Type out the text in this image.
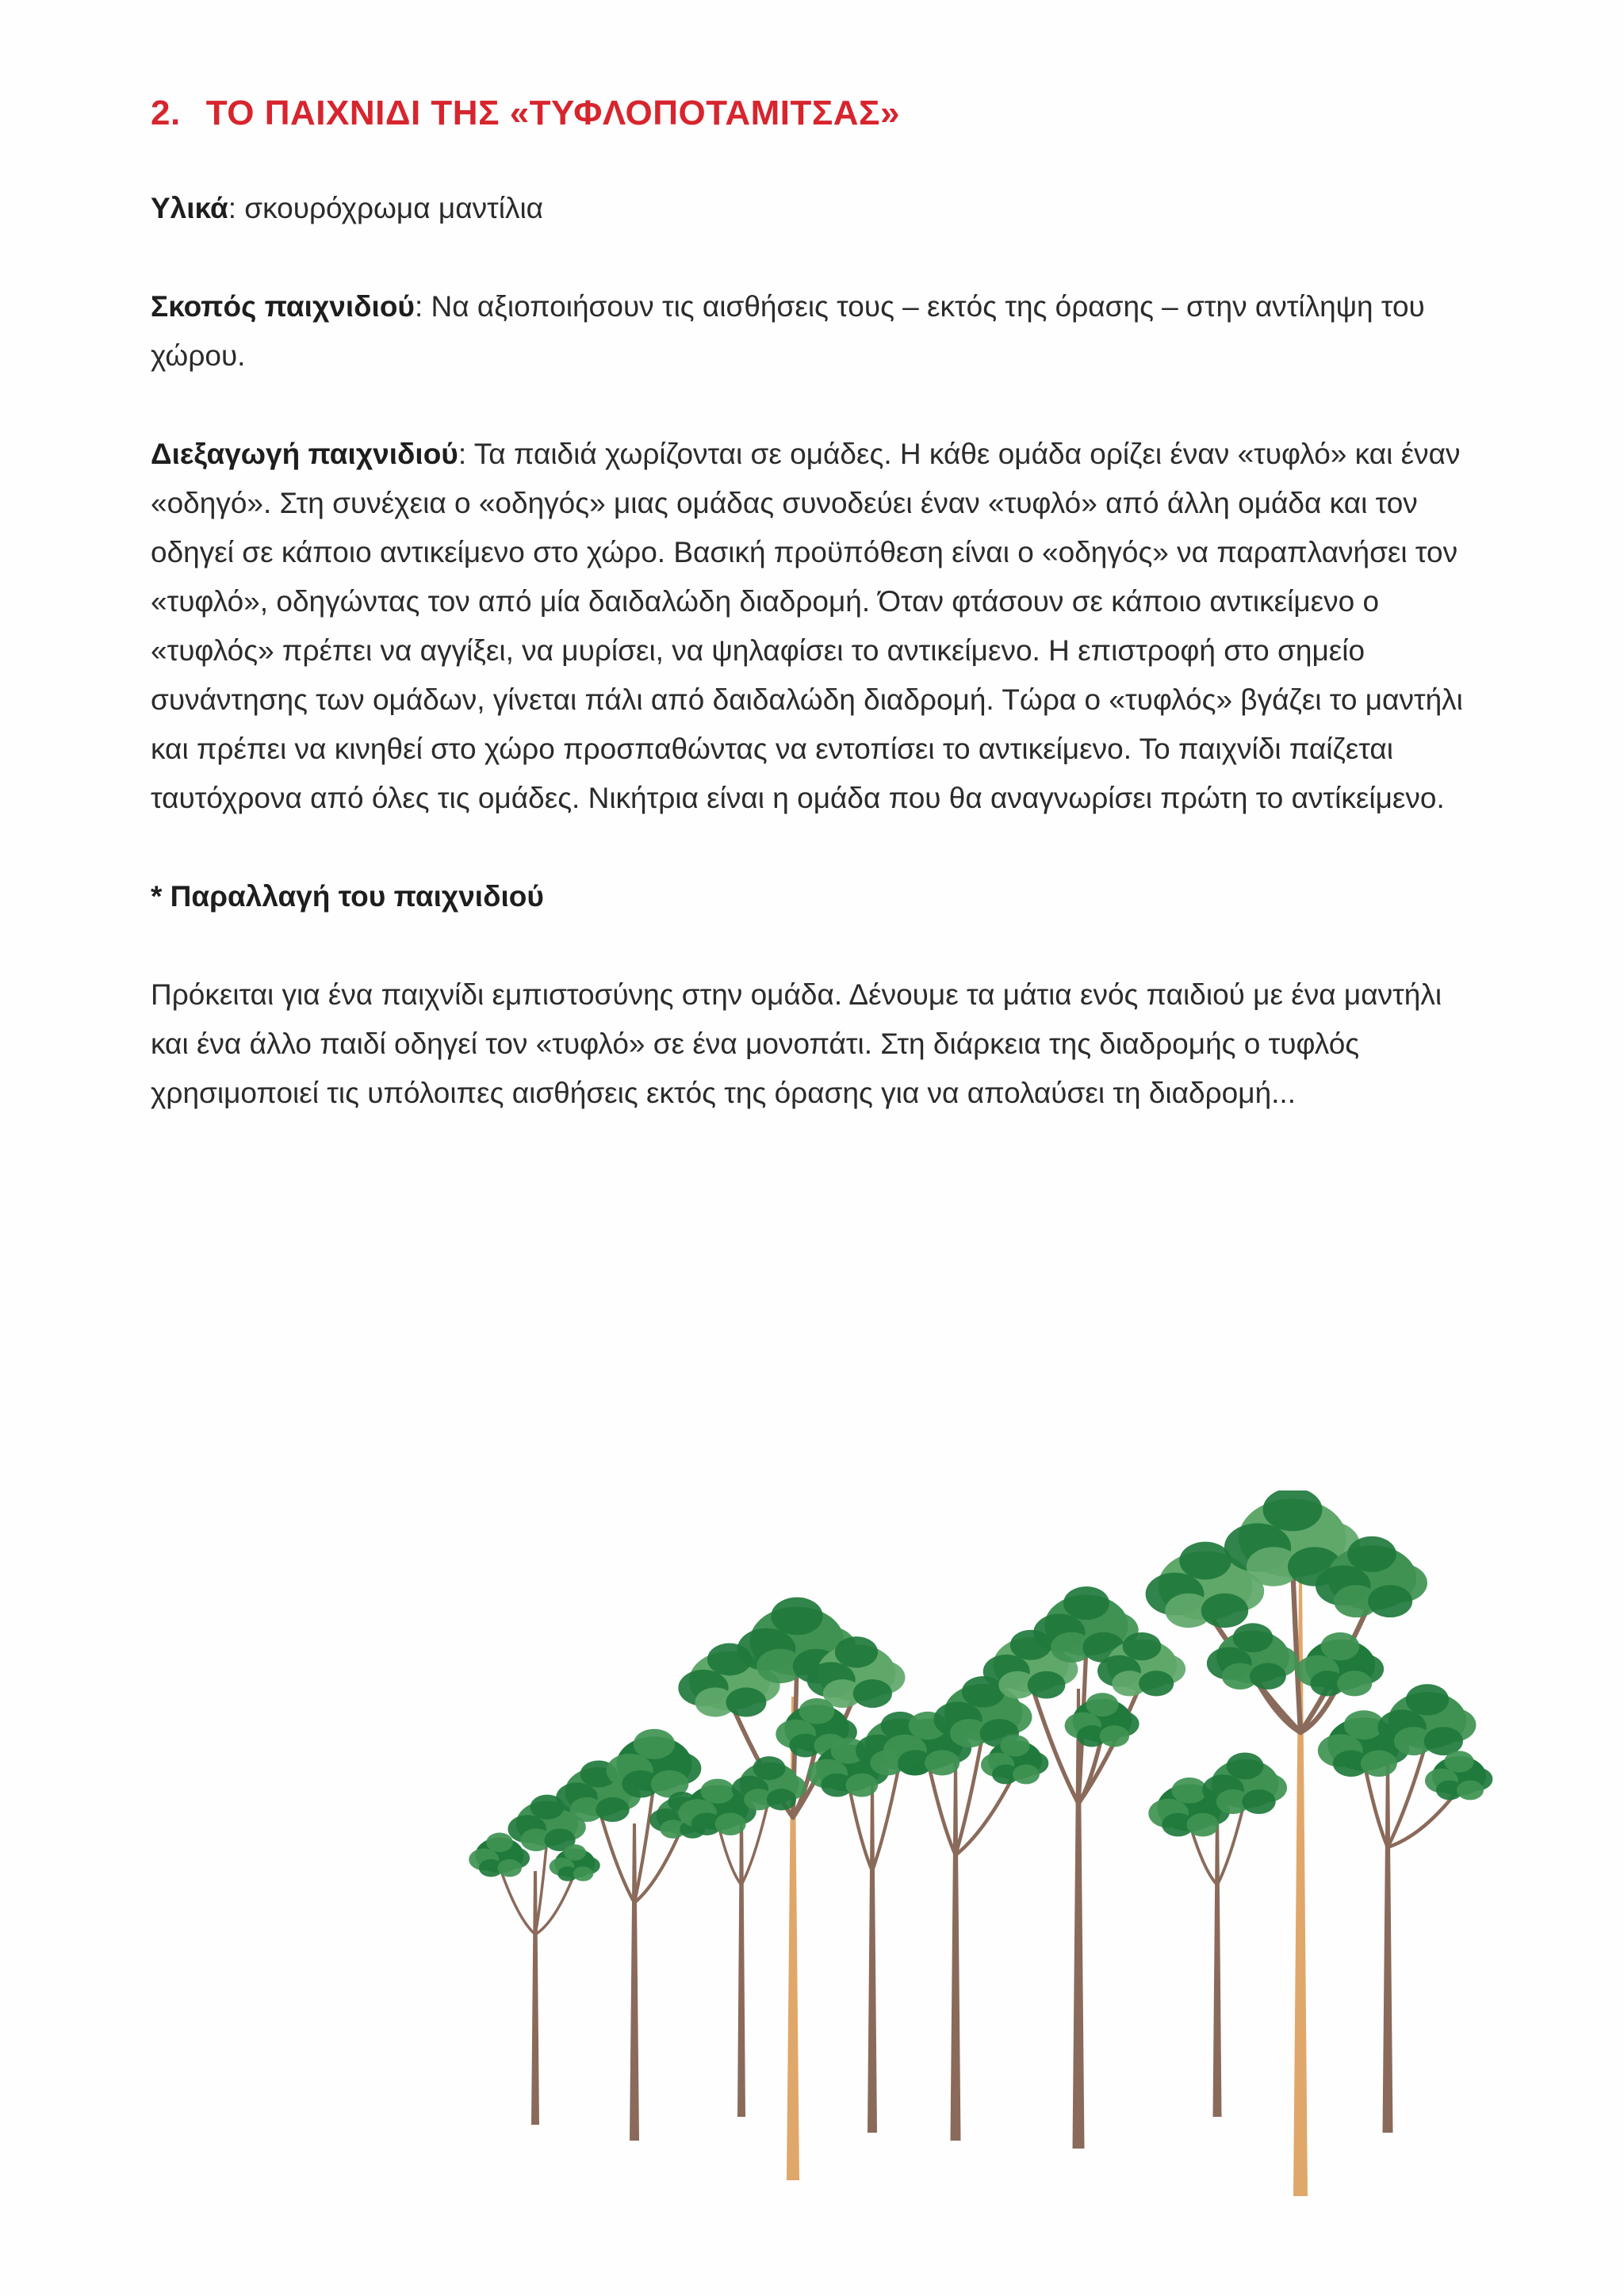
2. ΤΟ ΠΑΙΧΝΙΔΙ ΤΗΣ «ΤΥΦΛΟΠΟΤΑΜΙΤΣΑΣ»

Υλικά: σκουρόχρωμα μαντίλια

Σκοπός παιχνιδιού: Να αξιοποιήσουν τις αισθήσεις τους – εκτός της όρασης – στην αντίληψη του χώρου.

Διεξαγωγή παιχνιδιού: Τα παιδιά χωρίζονται σε ομάδες. Η κάθε ομάδα ορίζει έναν «τυφλό» και έναν «οδηγό». Στη συνέχεια ο «οδηγός» μιας ομάδας συνοδεύει έναν «τυφλό» από άλλη ομάδα και τον οδηγεί σε κάποιο αντικείμενο στο χώρο. Βασική προϋπόθεση είναι ο «οδηγός» να παραπλανήσει τον «τυφλό», οδηγώντας τον από μία δαιδαλώδη διαδρομή. Όταν φτάσουν σε κάποιο αντικείμενο ο «τυφλός» πρέπει να αγγίξει, να μυρίσει, να ψηλαφίσει το αντικείμενο. Η επιστροφή στο σημείο συνάντησης των ομάδων, γίνεται πάλι από δαιδαλώδη διαδρομή. Τώρα ο «τυφλός» βγάζει το μαντήλι και πρέπει να κινηθεί στο χώρο προσπαθώντας να εντοπίσει το αντικείμενο. Το παιχνίδι παίζεται ταυτόχρονα από όλες τις ομάδες. Νικήτρια είναι η ομάδα που θα αναγνωρίσει πρώτη το αντίκείμενο.

* Παραλλαγή του παιχνιδιού

Πρόκειται για ένα παιχνίδι εμπιστοσύνης στην ομάδα. Δένουμε τα μάτια ενός παιδιού με ένα μαντήλι και ένα άλλο παιδί οδηγεί τον «τυφλό» σε ένα μονοπάτι. Στη διάρκεια της διαδρομής ο τυφλός χρησιμοποιεί τις υπόλοιπες αισθήσεις εκτός της όρασης για να απολαύσει τη διαδρομή...
